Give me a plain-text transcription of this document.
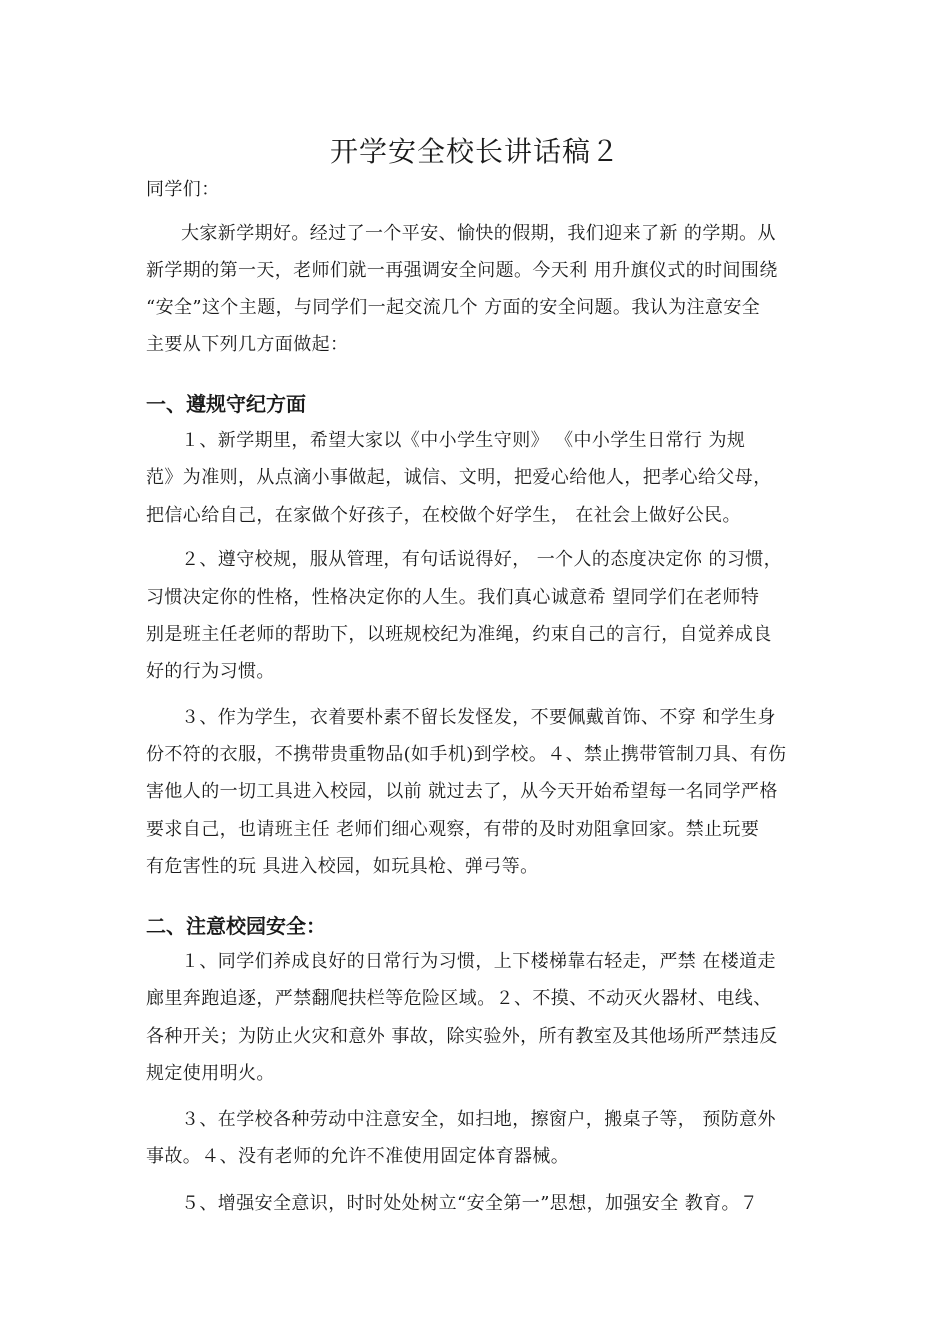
开学安全校长讲话稿２
同学们：
大家新学期好。经过了一个平安、愉快的假期，我们迎来了新 的学期。从
新学期的第一天，老师们就一再强调安全问题。今天利 用升旗仪式的时间围绕
“安全”这个主题，与同学们一起交流几个 方面的安全问题。我认为注意安全
主要从下列几方面做起：
一、遵规守纪方面
１、新学期里，希望大家以《中小学生守则》 《中小学生日常行 为规
范》为准则，从点滴小事做起，诚信、文明，把爱心给他人，把孝心给父母，
把信心给自己，在家做个好孩子，在校做个好学生， 在社会上做好公民。
２、遵守校规，服从管理，有句话说得好， 一个人的态度决定你 的习惯，
习惯决定你的性格，性格决定你的人生。我们真心诚意希 望同学们在老师特
别是班主任老师的帮助下，以班规校纪为准绳，约束自己的言行，自觉养成良
好的行为习惯。
３、作为学生，衣着要朴素不留长发怪发，不要佩戴首饰、不穿 和学生身
份不符的衣服，不携带贵重物品(如手机)到学校。４、禁止携带管制刀具、有伤
害他人的一切工具进入校园，以前 就过去了，从今天开始希望每一名同学严格
要求自己，也请班主任 老师们细心观察，有带的及时劝阻拿回家。禁止玩要
有危害性的玩 具进入校园，如玩具枪、弹弓等。
二、注意校园安全：
１、同学们养成良好的日常行为习惯，上下楼梯靠右轻走，严禁 在楼道走
廊里奔跑追逐，严禁翻爬扶栏等危险区域。２、不摸、不动灭火器材、电线、
各种开关；为防止火灾和意外 事故，除实验外，所有教室及其他场所严禁违反
规定使用明火。
３、在学校各种劳动中注意安全，如扫地，擦窗户，搬桌子等， 预防意外
事故。４、没有老师的允许不准使用固定体育器械。
５、增强安全意识，时时处处树立“安全第一”思想，加强安全 教育。７
